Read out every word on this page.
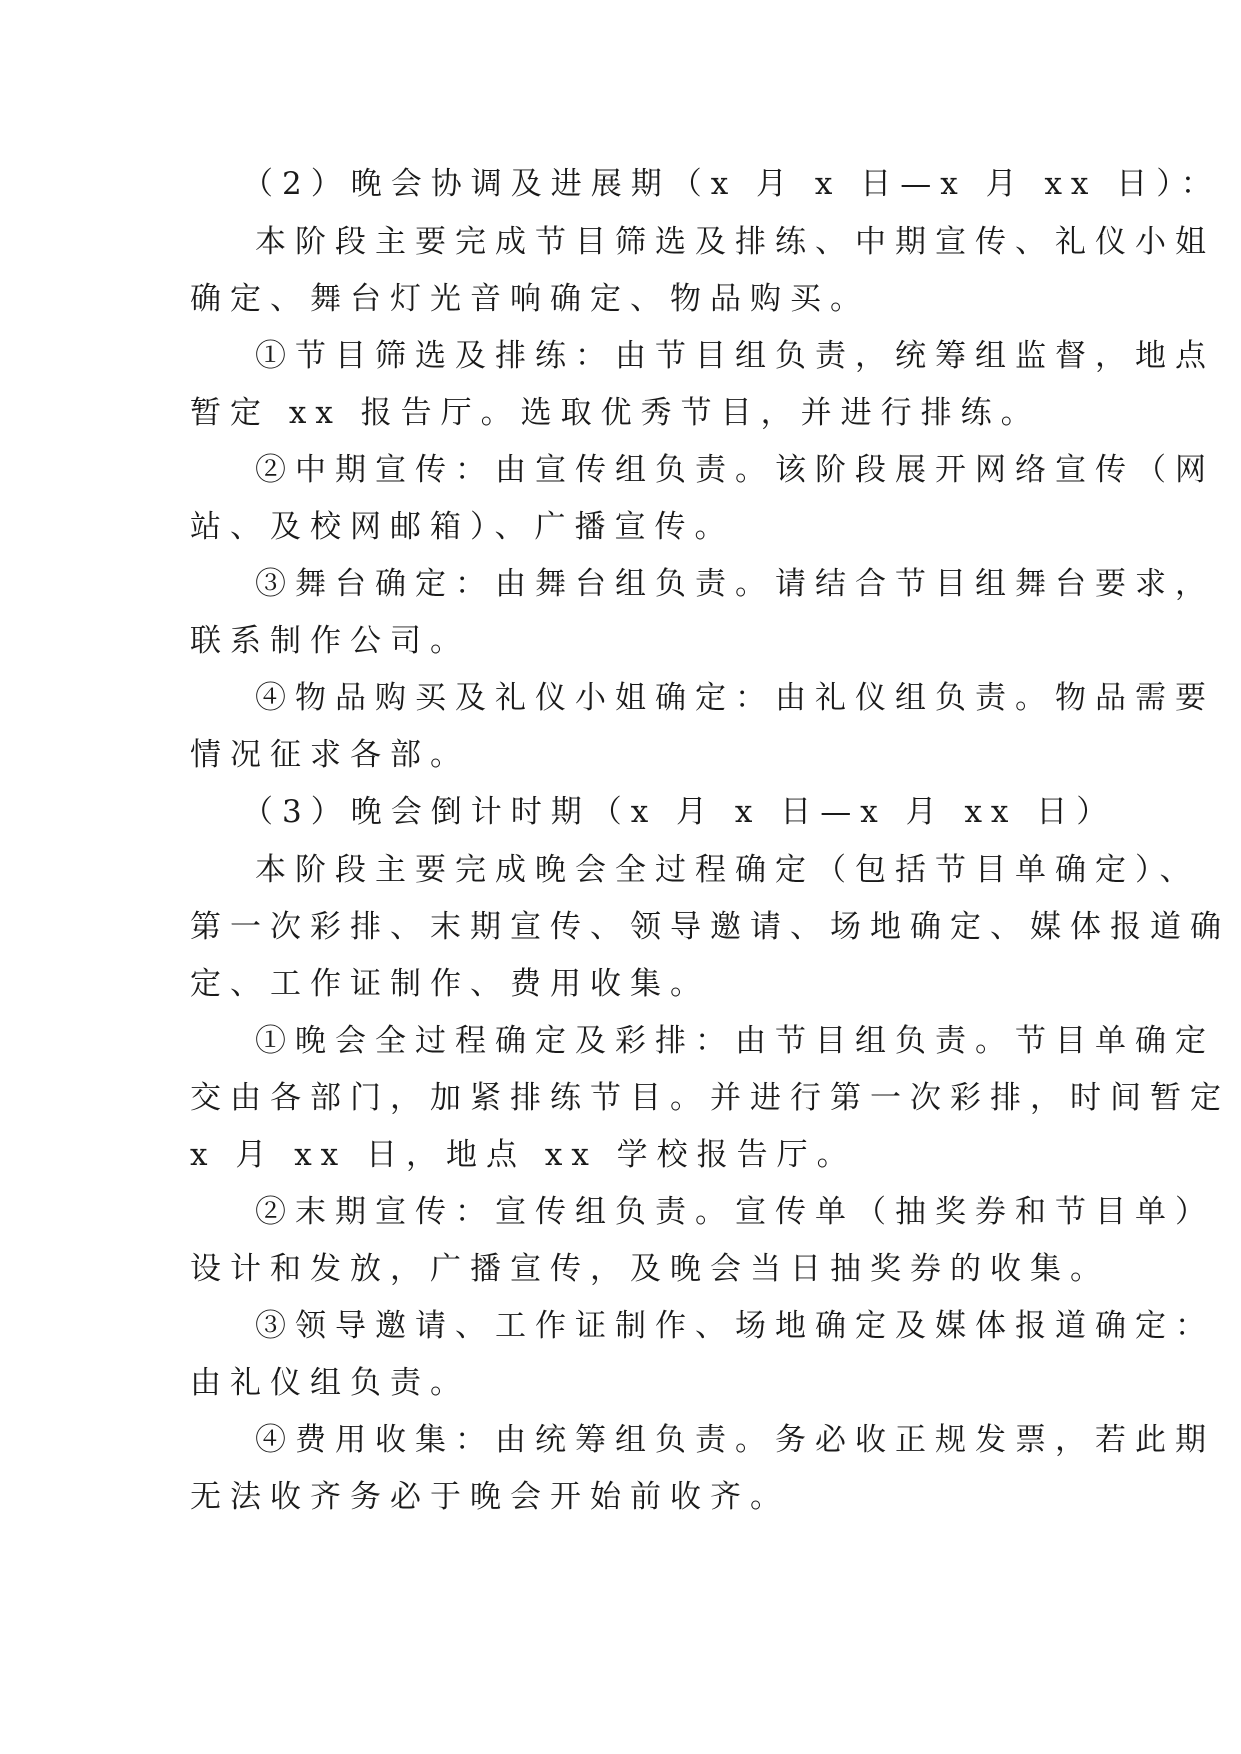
（2）晚会协调及进展期（x 月 x 日—x 月 xx 日）：
本阶段主要完成节目筛选及排练、中期宣传、礼仪小姐
确定、舞台灯光音响确定、物品购买。
①节目筛选及排练：由节目组负责，统筹组监督，地点
暂定 xx 报告厅。选取优秀节目，并进行排练。
②中期宣传：由宣传组负责。该阶段展开网络宣传（网
站、及校网邮箱）、广播宣传。
③舞台确定：由舞台组负责。请结合节目组舞台要求，
联系制作公司。
④物品购买及礼仪小姐确定：由礼仪组负责。物品需要
情况征求各部。
（3）晚会倒计时期（x 月 x 日—x 月 xx 日）
本阶段主要完成晚会全过程确定（包括节目单确定）、
第一次彩排、末期宣传、领导邀请、场地确定、媒体报道确
定、工作证制作、费用收集。
①晚会全过程确定及彩排：由节目组负责。节目单确定
交由各部门，加紧排练节目。并进行第一次彩排，时间暂定
x 月 xx 日，地点 xx 学校报告厅。
②末期宣传：宣传组负责。宣传单（抽奖券和节目单）
设计和发放，广播宣传，及晚会当日抽奖券的收集。
③领导邀请、工作证制作、场地确定及媒体报道确定：
由礼仪组负责。
④费用收集：由统筹组负责。务必收正规发票，若此期
无法收齐务必于晚会开始前收齐。
